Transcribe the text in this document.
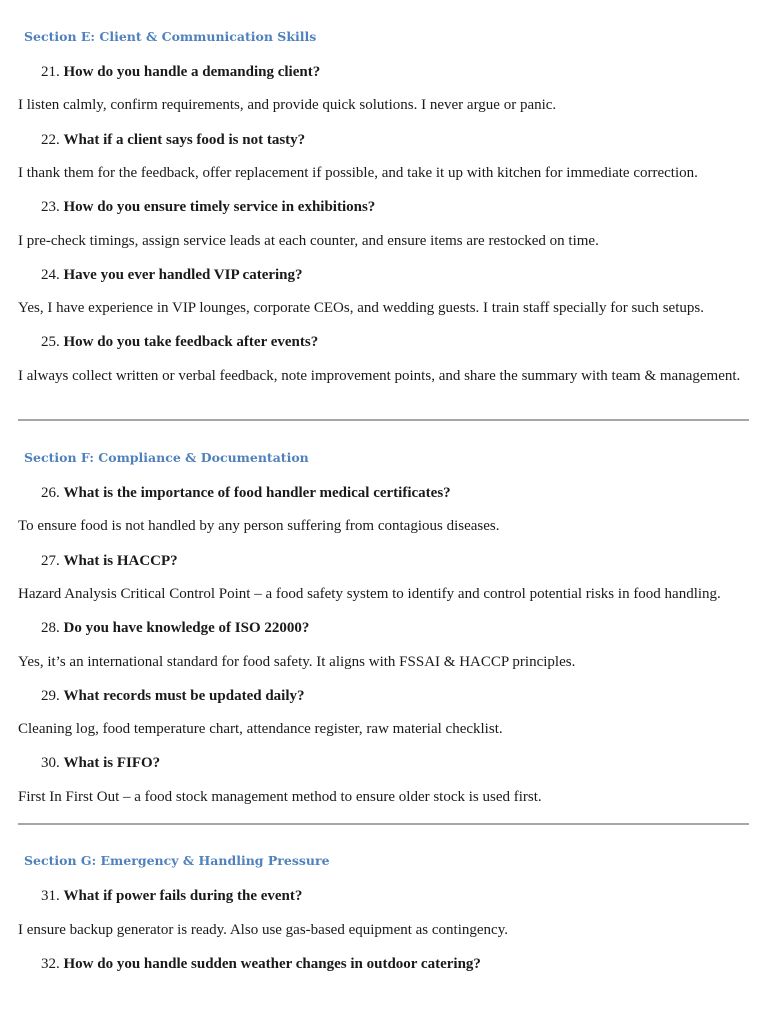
Section E: Client & Communication Skills
21. How do you handle a demanding client?
I listen calmly, confirm requirements, and provide quick solutions. I never argue or panic.
22. What if a client says food is not tasty?
I thank them for the feedback, offer replacement if possible, and take it up with kitchen for immediate correction.
23. How do you ensure timely service in exhibitions?
I pre-check timings, assign service leads at each counter, and ensure items are restocked on time.
24. Have you ever handled VIP catering?
Yes, I have experience in VIP lounges, corporate CEOs, and wedding guests. I train staff specially for such setups.
25. How do you take feedback after events?
I always collect written or verbal feedback, note improvement points, and share the summary with team & management.
Section F: Compliance & Documentation
26. What is the importance of food handler medical certificates?
To ensure food is not handled by any person suffering from contagious diseases.
27. What is HACCP?
Hazard Analysis Critical Control Point – a food safety system to identify and control potential risks in food handling.
28. Do you have knowledge of ISO 22000?
Yes, it’s an international standard for food safety. It aligns with FSSAI & HACCP principles.
29. What records must be updated daily?
Cleaning log, food temperature chart, attendance register, raw material checklist.
30. What is FIFO?
First In First Out – a food stock management method to ensure older stock is used first.
Section G: Emergency & Handling Pressure
31. What if power fails during the event?
I ensure backup generator is ready. Also use gas-based equipment as contingency.
32. How do you handle sudden weather changes in outdoor catering?
